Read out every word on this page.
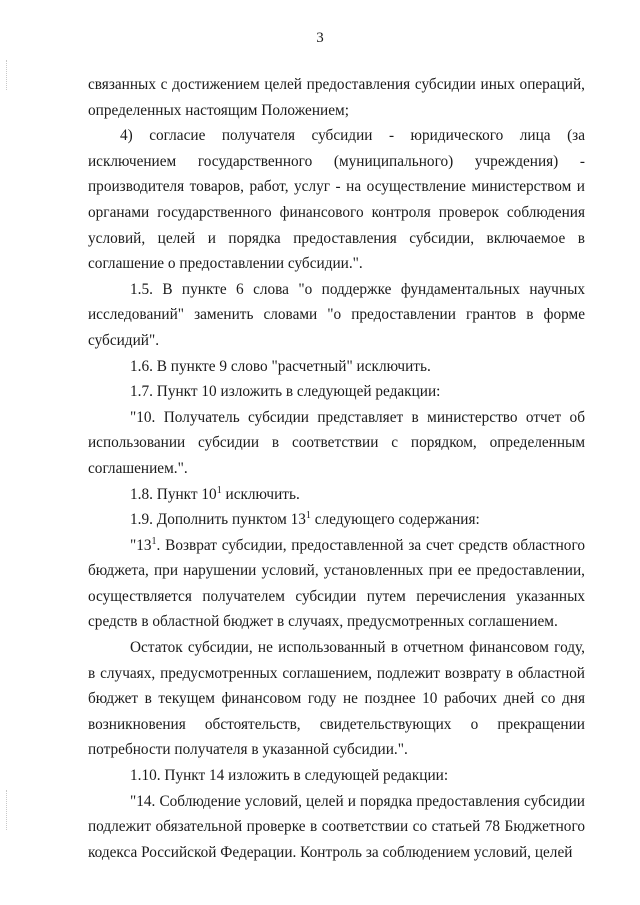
3

связанных с достижением целей предоставления субсидии иных операций, определенных настоящим Положением;

4) согласие получателя субсидии - юридического лица (за исключением государственного (муниципального) учреждения) - производителя товаров, работ, услуг - на осуществление министерством и органами государственного финансового контроля проверок соблюдения условий, целей и порядка предоставления субсидии, включаемое в соглашение о предоставлении субсидии.".

1.5. В пункте 6 слова "о поддержке фундаментальных научных исследований" заменить словами "о предоставлении грантов в форме субсидий".

1.6. В пункте 9 слово "расчетный" исключить.

1.7. Пункт 10 изложить в следующей редакции:

"10. Получатель субсидии представляет в министерство отчет об использовании субсидии в соответствии с порядком, определенным соглашением.".

1.8. Пункт $10^1$ исключить.

1.9. Дополнить пунктом $13^1$ следующего содержания:

"$13^1$. Возврат субсидии, предоставленной за счет средств областного бюджета, при нарушении условий, установленных при ее предоставлении, осуществляется получателем субсидии путем перечисления указанных средств в областной бюджет в случаях, предусмотренных соглашением.

Остаток субсидии, не использованный в отчетном финансовом году, в случаях, предусмотренных соглашением, подлежит возврату в областной бюджет в текущем финансовом году не позднее 10 рабочих дней со дня возникновения обстоятельств, свидетельствующих о прекращении потребности получателя в указанной субсидии.".

1.10. Пункт 14 изложить в следующей редакции:

"14. Соблюдение условий, целей и порядка предоставления субсидии подлежит обязательной проверке в соответствии со статьей 78 Бюджетного кодекса Российской Федерации. Контроль за соблюдением условий, целей
